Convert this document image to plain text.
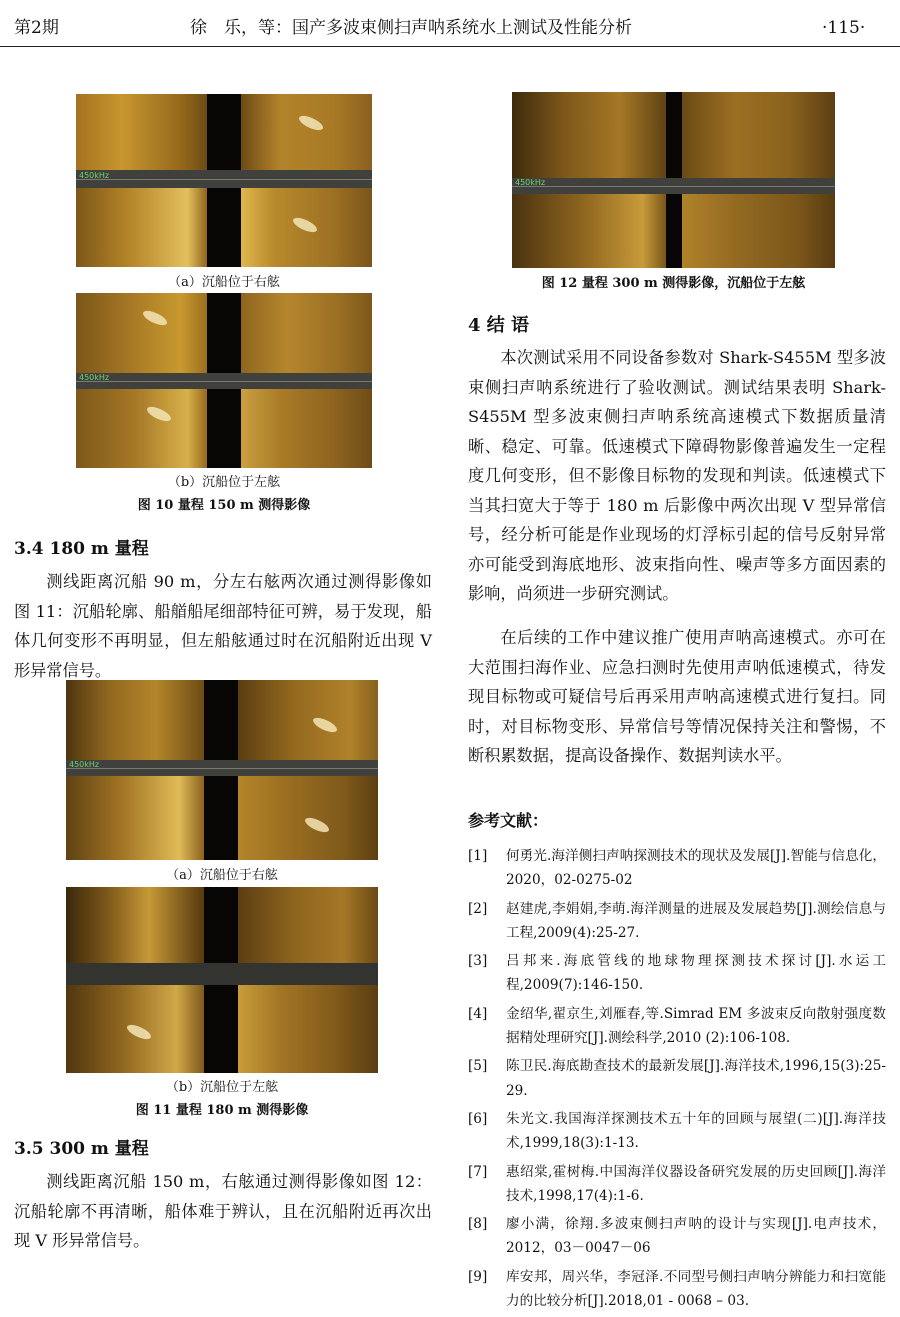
第2期	徐　乐，等：国产多波束侧扫声呐系统水上测试及性能分析	·115·
450kHz
（a）沉船位于右舷
450kHz
（b）沉船位于左舷
图 10 量程 150 m 测得影像
3.4 180 m 量程
测线距离沉船 90 m，分左右舷两次通过测得影像如图 11：沉船轮廓、船艏船尾细部特征可辨，易于发现，船体几何变形不再明显，但左船舷通过时在沉船附近出现 V 形异常信号。
450kHz
（a）沉船位于右舷
（b）沉船位于左舷
图 11 量程 180 m 测得影像
3.5 300 m 量程
测线距离沉船 150 m，右舷通过测得影像如图 12：沉船轮廓不再清晰，船体难于辨认，且在沉船附近再次出现 V 形异常信号。
450kHz
图 12 量程 300 m 测得影像，沉船位于左舷
4 结 语
本次测试采用不同设备参数对 Shark-S455M 型多波束侧扫声呐系统进行了验收测试。测试结果表明 Shark-S455M 型多波束侧扫声呐系统高速模式下数据质量清晰、稳定、可靠。低速模式下障碍物影像普遍发生一定程度几何变形，但不影像目标物的发现和判读。低速模式下当其扫宽大于等于 180 m 后影像中两次出现 V 型异常信号，经分析可能是作业现场的灯浮标引起的信号反射异常亦可能受到海底地形、波束指向性、噪声等多方面因素的影响，尚须进一步研究测试。
在后续的工作中建议推广使用声呐高速模式。亦可在大范围扫海作业、应急扫测时先使用声呐低速模式，待发现目标物或可疑信号后再采用声呐高速模式进行复扫。同时，对目标物变形、异常信号等情况保持关注和警惕，不断积累数据，提高设备操作、数据判读水平。
参考文献：
[1]	何勇光.海洋侧扫声呐探测技术的现状及发展[J].智能与信息化，2020，02-0275-02
[2]	赵建虎,李娟娟,李萌.海洋测量的进展及发展趋势[J].测绘信息与工程,2009(4):25-27.
[3]	吕邦来.海底管线的地球物理探测技术探讨[J].水运工程,2009(7):146-150.
[4]	金绍华,翟京生,刘雁春,等.Simrad EM 多波束反向散射强度数据精处理研究[J].测绘科学,2010 (2):106-108.
[5]	陈卫民.海底勘查技术的最新发展[J].海洋技术,1996,15(3):25-29.
[6]	朱光文.我国海洋探测技术五十年的回顾与展望(二)[J].海洋技术,1999,18(3):1-13.
[7]	惠绍棠,霍树梅.中国海洋仪器设备研究发展的历史回顾[J].海洋技术,1998,17(4):1-6.
[8]	廖小满，徐翔.多波束侧扫声呐的设计与实现[J].电声技术，2012，03－0047－06
[9]	库安邦，周兴华，李冠泽.不同型号侧扫声呐分辨能力和扫宽能力的比较分析[J].2018,01 - 0068 – 03.
